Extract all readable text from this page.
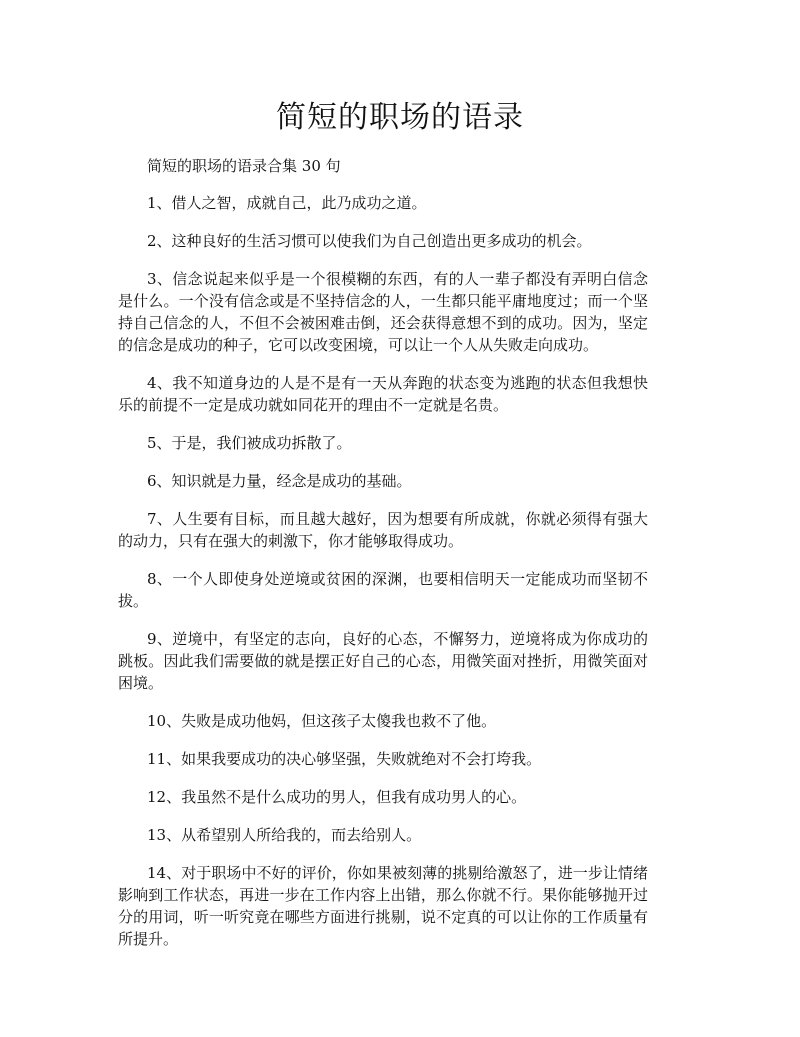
简短的职场的语录
简短的职场的语录合集 30 句
1、借人之智，成就自己，此乃成功之道。
2、这种良好的生活习惯可以使我们为自己创造出更多成功的机会。
3、信念说起来似乎是一个很模糊的东西，有的人一辈子都没有弄明白信念是什么。一个没有信念或是不坚持信念的人，一生都只能平庸地度过；而一个坚持自己信念的人，不但不会被困难击倒，还会获得意想不到的成功。因为，坚定的信念是成功的种子，它可以改变困境，可以让一个人从失败走向成功。
4、我不知道身边的人是不是有一天从奔跑的状态变为逃跑的状态但我想快乐的前提不一定是成功就如同花开的理由不一定就是名贵。
5、于是，我们被成功拆散了。
6、知识就是力量，经念是成功的基础。
7、人生要有目标，而且越大越好，因为想要有所成就，你就必须得有强大的动力，只有在强大的刺激下，你才能够取得成功。
8、一个人即使身处逆境或贫困的深渊，也要相信明天一定能成功而坚韧不拔。
9、逆境中，有坚定的志向，良好的心态，不懈努力，逆境将成为你成功的跳板。因此我们需要做的就是摆正好自己的心态，用微笑面对挫折，用微笑面对困境。
10、失败是成功他妈，但这孩子太傻我也救不了他。
11、如果我要成功的决心够坚强，失败就绝对不会打垮我。
12、我虽然不是什么成功的男人，但我有成功男人的心。
13、从希望别人所给我的，而去给别人。
14、对于职场中不好的评价，你如果被刻薄的挑剔给激怒了，进一步让情绪影响到工作状态，再进一步在工作内容上出错，那么你就不行。果你能够抛开过分的用词，听一听究竟在哪些方面进行挑剔，说不定真的可以让你的工作质量有所提升。
